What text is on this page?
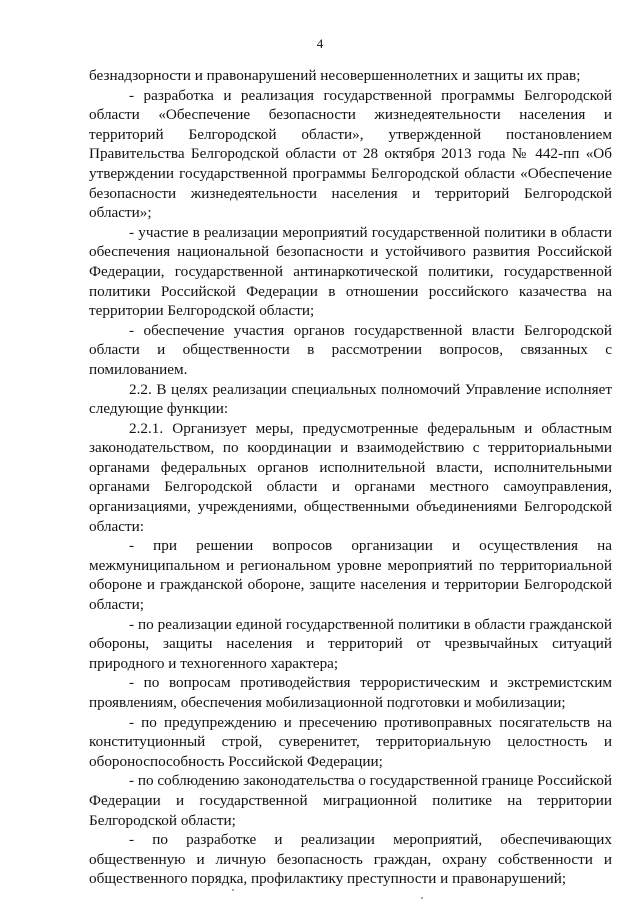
4

безнадзорности и правонарушений несовершеннолетних и защиты их прав;

- разработка и реализация государственной программы Белгородской области «Обеспечение безопасности жизнедеятельности населения и территорий Белгородской области», утвержденной постановлением Правительства Белгородской области от 28 октября 2013 года № 442-пп «Об утверждении государственной программы Белгородской области «Обеспечение безопасности жизнедеятельности населения и территорий Белгородской области»;

- участие в реализации мероприятий государственной политики в области обеспечения национальной безопасности и устойчивого развития Российской Федерации, государственной антинаркотической политики, государственной политики Российской Федерации в отношении российского казачества на территории Белгородской области;

- обеспечение участия органов государственной власти Белгородской области и общественности в рассмотрении вопросов, связанных с помилованием.

2.2. В целях реализации специальных полномочий Управление исполняет следующие функции:

2.2.1. Организует меры, предусмотренные федеральным и областным законодательством, по координации и взаимодействию с территориальными органами федеральных органов исполнительной власти, исполнительными органами Белгородской области и органами местного самоуправления, организациями, учреждениями, общественными объединениями Белгородской области:

- при решении вопросов организации и осуществления на межмуниципальном и региональном уровне мероприятий по территориальной обороне и гражданской обороне, защите населения и территории Белгородской области;

- по реализации единой государственной политики в области гражданской обороны, защиты населения и территорий от чрезвычайных ситуаций природного и техногенного характера;

- по вопросам противодействия террористическим и экстремистским проявлениям, обеспечения мобилизационной подготовки и мобилизации;

- по предупреждению и пресечению противоправных посягательств на конституционный строй, суверенитет, территориальную целостность и обороноспособность Российской Федерации;

- по соблюдению законодательства о государственной границе Российской Федерации и государственной миграционной политике на территории Белгородской области;

- по разработке и реализации мероприятий, обеспечивающих общественную и личную безопасность граждан, охрану собственности и общественного порядка, профилактику преступности и правонарушений;
